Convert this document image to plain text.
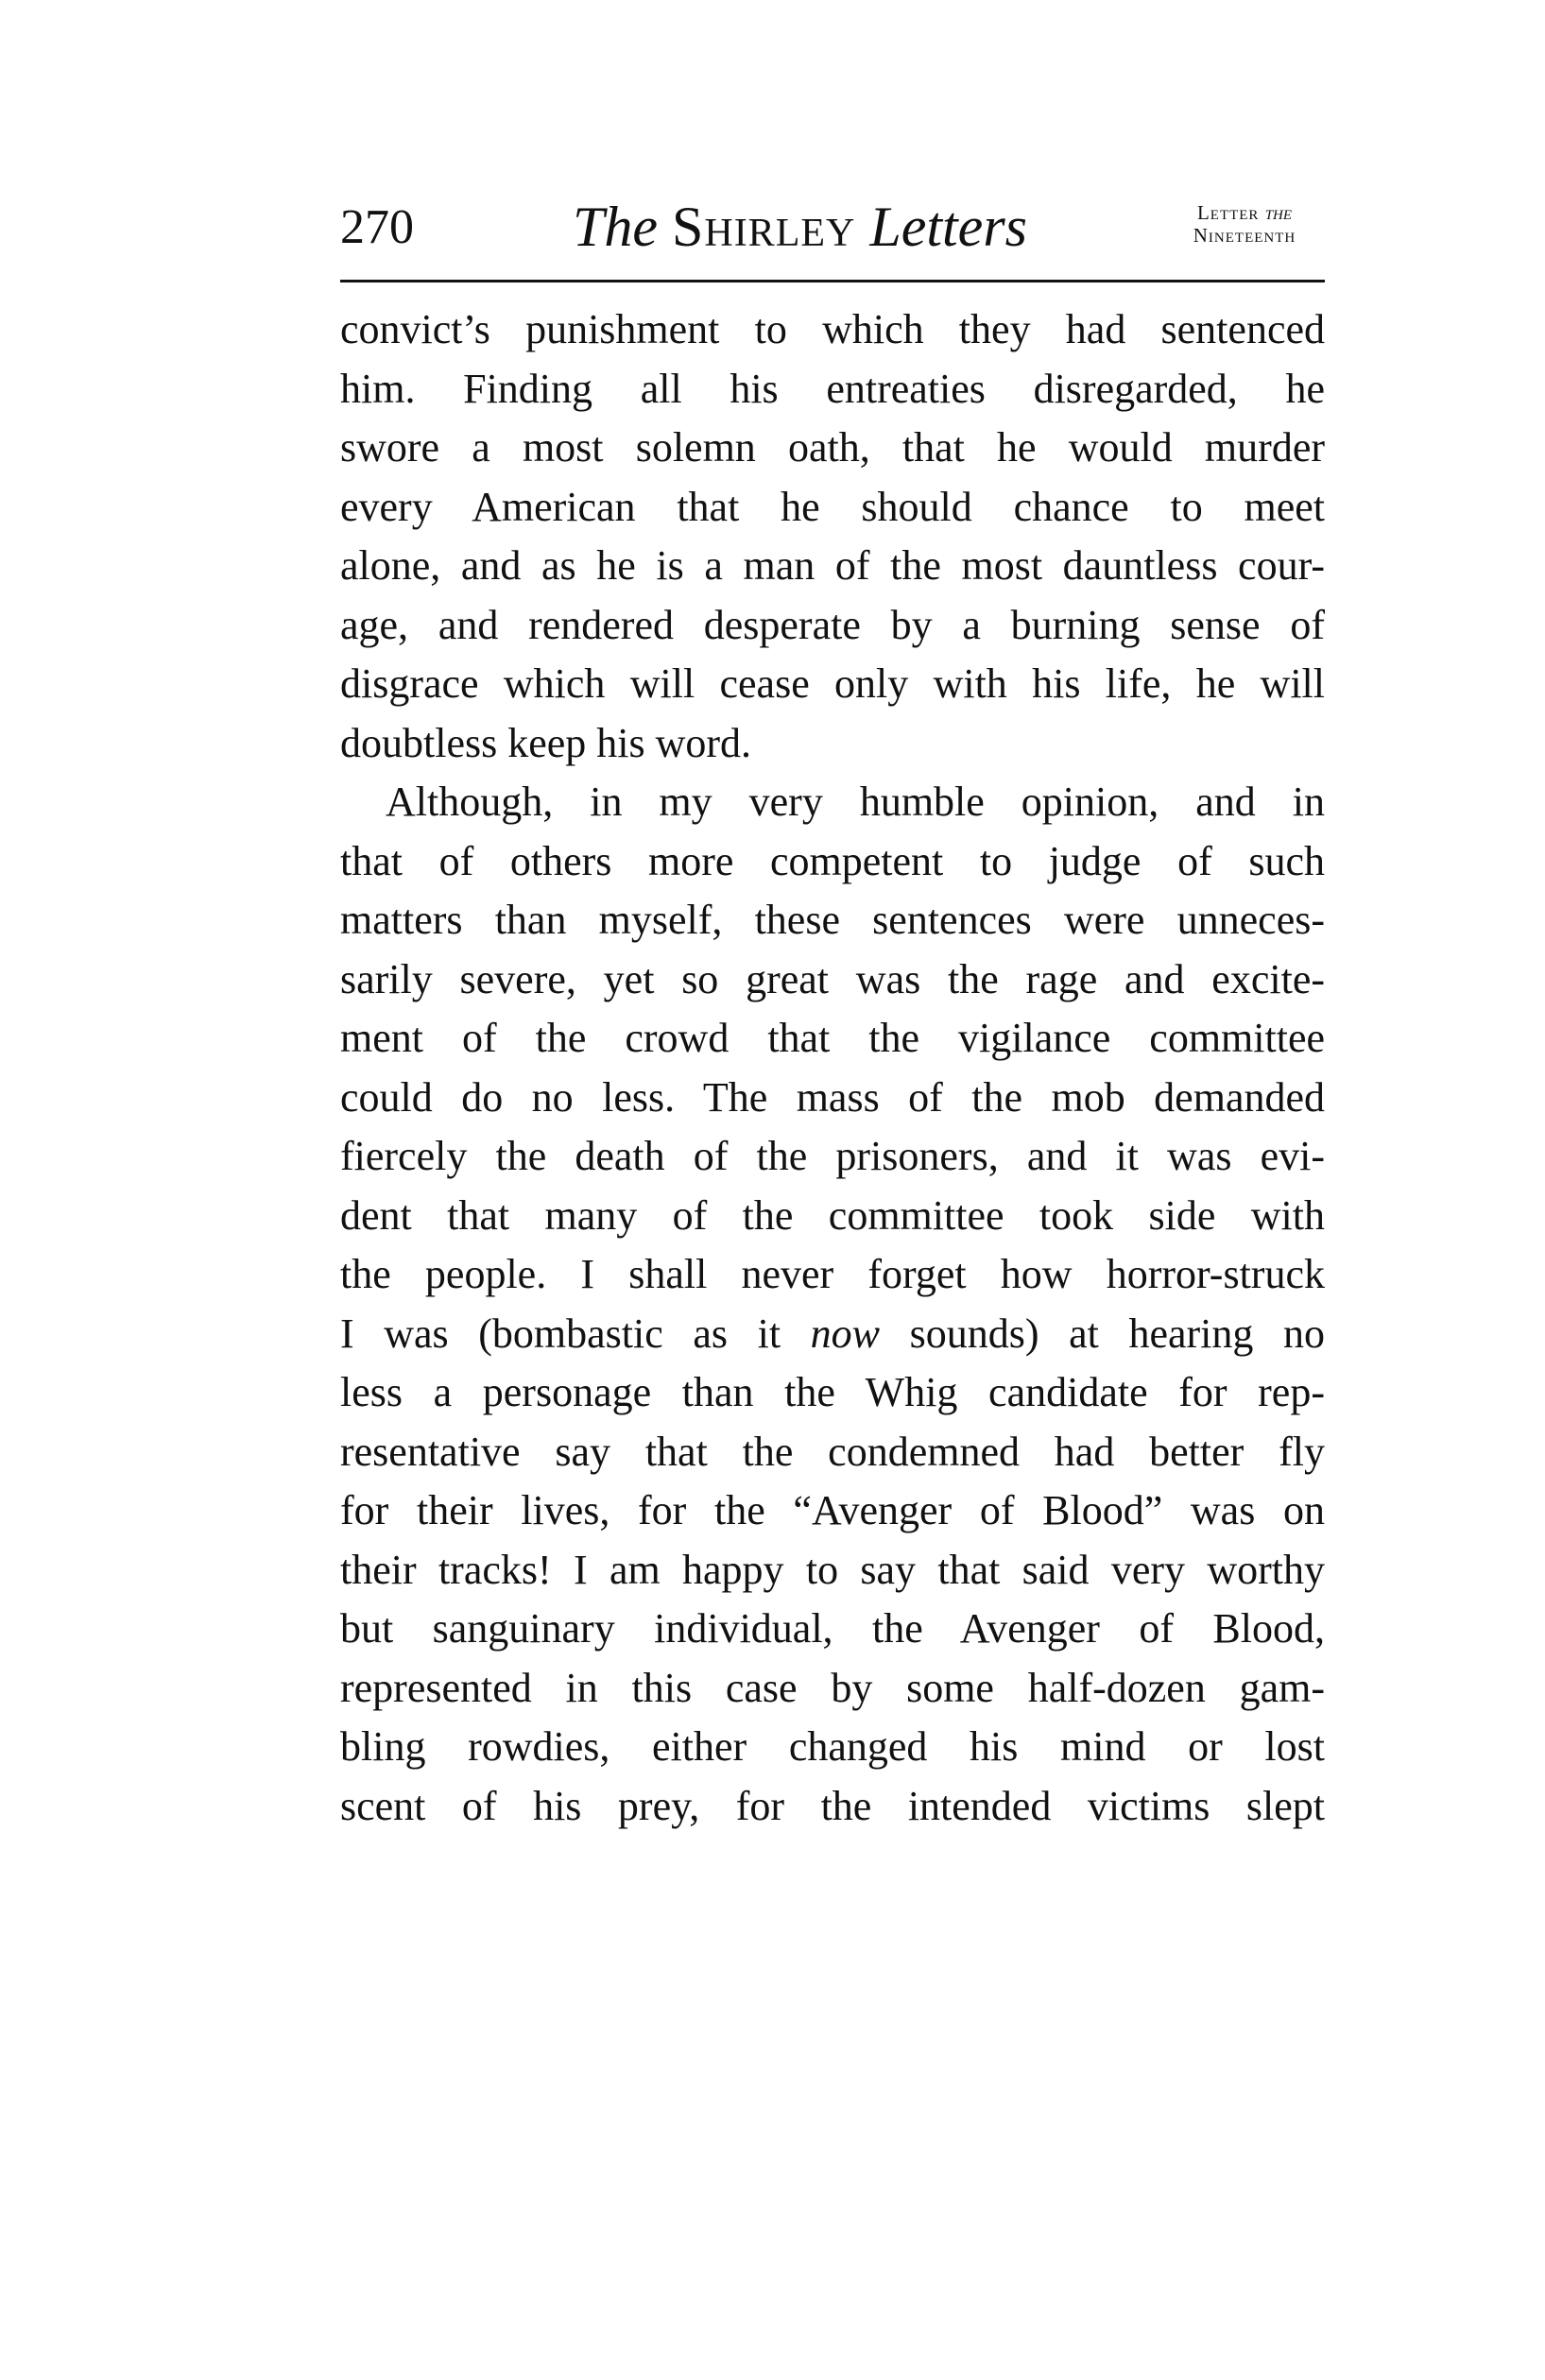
270	The Shirley Letters	Letter the
Nineteenth
convict’s punishment to which they had sentenced
him. Finding all his entreaties disregarded, he
swore a most solemn oath, that he would murder
every American that he should chance to meet
alone, and as he is a man of the most dauntless cour-
age, and rendered desperate by a burning sense of
disgrace which will cease only with his life, he will
doubtless keep his word.
Although, in my very humble opinion, and in
that of others more competent to judge of such
matters than myself, these sentences were unneces-
sarily severe, yet so great was the rage and excite-
ment of the crowd that the vigilance committee
could do no less. The mass of the mob demanded
fiercely the death of the prisoners, and it was evi-
dent that many of the committee took side with
the people. I shall never forget how horror-struck
I was (bombastic as it now sounds) at hearing no
less a personage than the Whig candidate for rep-
resentative say that the condemned had better fly
for their lives, for the “Avenger of Blood” was on
their tracks! I am happy to say that said very worthy
but sanguinary individual, the Avenger of Blood,
represented in this case by some half-dozen gam-
bling rowdies, either changed his mind or lost
scent of his prey, for the intended victims slept
